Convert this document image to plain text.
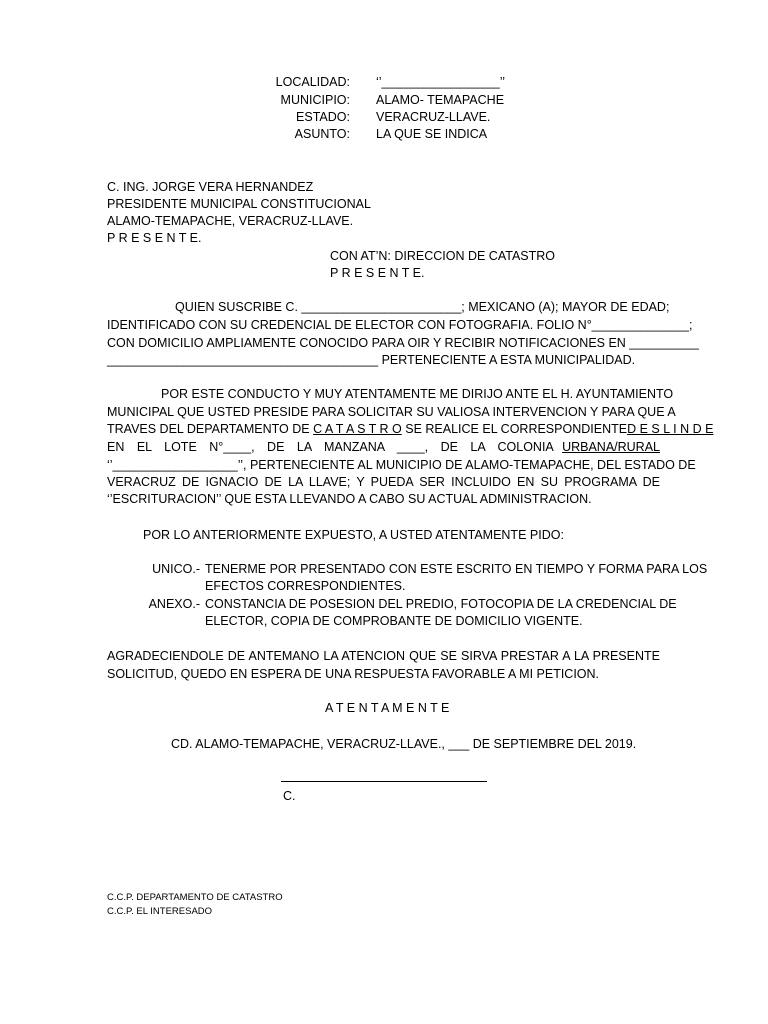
LOCALIDAD: ‘’_________________’’
MUNICIPIO: ALAMO- TEMAPACHE
ESTADO: VERACRUZ-LLAVE.
ASUNTO: LA QUE SE INDICA
C. ING. JORGE VERA HERNANDEZ
PRESIDENTE MUNICIPAL CONSTITUCIONAL
ALAMO-TEMAPACHE, VERACRUZ-LLAVE.
P R E S E N T E.
CON AT’N: DIRECCION DE CATASTRO
P R E S E N T E.
QUIEN SUSCRIBE C. _______________________; MEXICANO (A); MAYOR DE EDAD;
IDENTIFICADO CON SU CREDENCIAL DE ELECTOR CON FOTOGRAFIA. FOLIO N°______________;
CON DOMICILIO AMPLIAMENTE CONOCIDO PARA OIR Y RECIBIR NOTIFICACIONES EN __________
_______________________________________ PERTENECIENTE A ESTA MUNICIPALIDAD.
POR ESTE CONDUCTO Y MUY ATENTAMENTE ME DIRIJO ANTE EL H. AYUNTAMIENTO
MUNICIPAL QUE USTED PRESIDE PARA SOLICITAR SU VALIOSA INTERVENCION Y PARA QUE A
TRAVES DEL DEPARTAMENTO DE C A T A S T R O SE REALICE EL CORRESPONDIENTE D E S L I N D E
EN EL LOTE N°____, DE LA MANZANA ____, DE LA COLONIA URBANA/RURAL
‘’__________________’’, PERTENECIENTE AL MUNICIPIO DE ALAMO-TEMAPACHE, DEL ESTADO DE
VERACRUZ DE IGNACIO DE LA LLAVE; Y PUEDA SER INCLUIDO EN SU PROGRAMA DE
‘’ESCRITURACION’’ QUE ESTA LLEVANDO A CABO SU ACTUAL ADMINISTRACION.
POR LO ANTERIORMENTE EXPUESTO, A USTED ATENTAMENTE PIDO:
UNICO.- TENERME POR PRESENTADO CON ESTE ESCRITO EN TIEMPO Y FORMA PARA LOS
EFECTOS CORRESPONDIENTES.
ANEXO.- CONSTANCIA DE POSESION DEL PREDIO, FOTOCOPIA DE LA CREDENCIAL DE
ELECTOR, COPIA DE COMPROBANTE DE DOMICILIO VIGENTE.
AGRADECIENDOLE DE ANTEMANO LA ATENCION QUE SE SIRVA PRESTAR A LA PRESENTE
SOLICITUD, QUEDO EN ESPERA DE UNA RESPUESTA FAVORABLE A MI PETICION.
A T E N T A M E N T E
CD. ALAMO-TEMAPACHE, VERACRUZ-LLAVE., ___ DE SEPTIEMBRE DEL 2019.
C.
C.C.P. DEPARTAMENTO DE CATASTRO
C.C.P. EL INTERESADO
